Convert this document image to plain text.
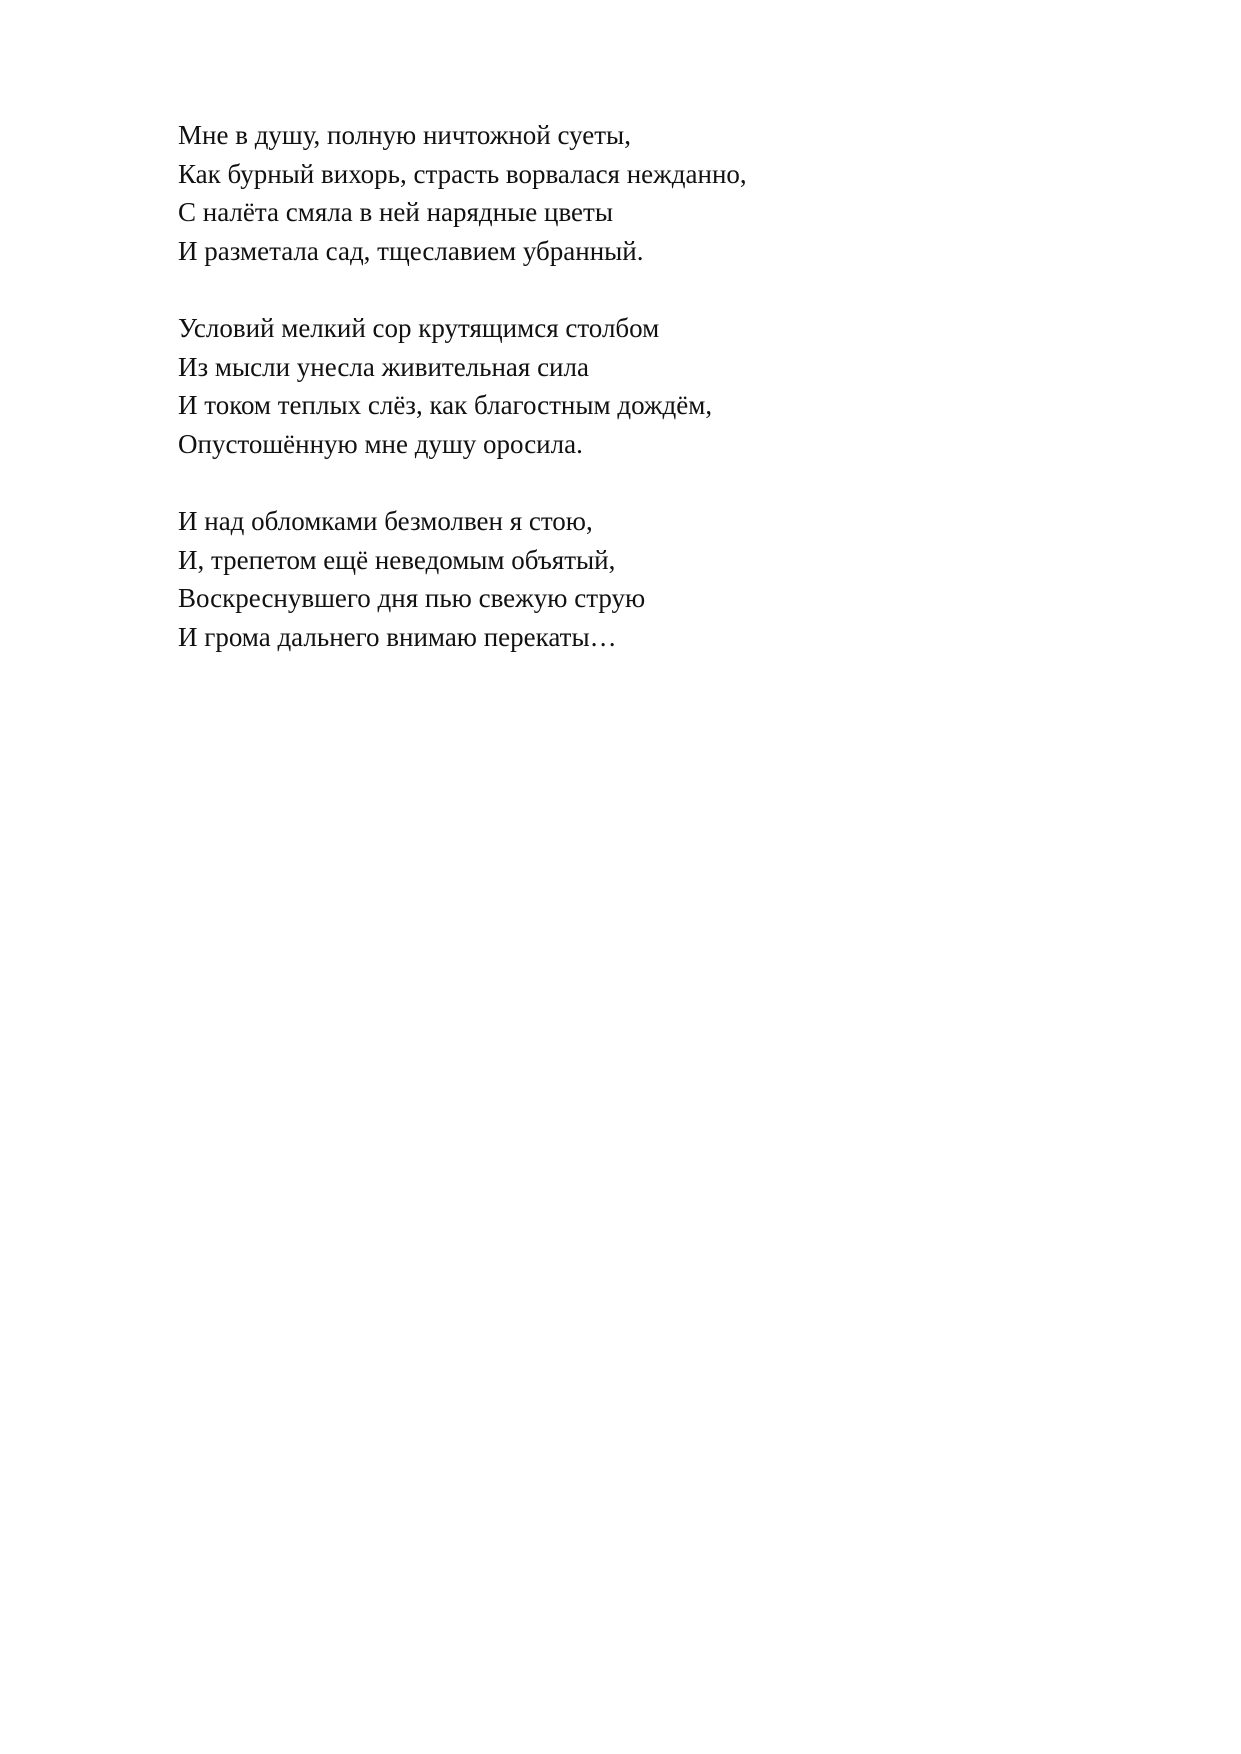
Мне в душу, полную ничтожной суеты,
Как бурный вихорь, страсть ворвалася нежданно,
С налёта смяла в ней нарядные цветы
И разметала сад, тщеславием убранный.
Условий мелкий сор крутящимся столбом
Из мысли унесла живительная сила
И током теплых слёз, как благостным дождём,
Опустошённую мне душу оросила.
И над обломками безмолвен я стою,
И, трепетом ещё неведомым объятый,
Воскреснувшего дня пью свежую струю
И грома дальнего внимаю перекаты…
